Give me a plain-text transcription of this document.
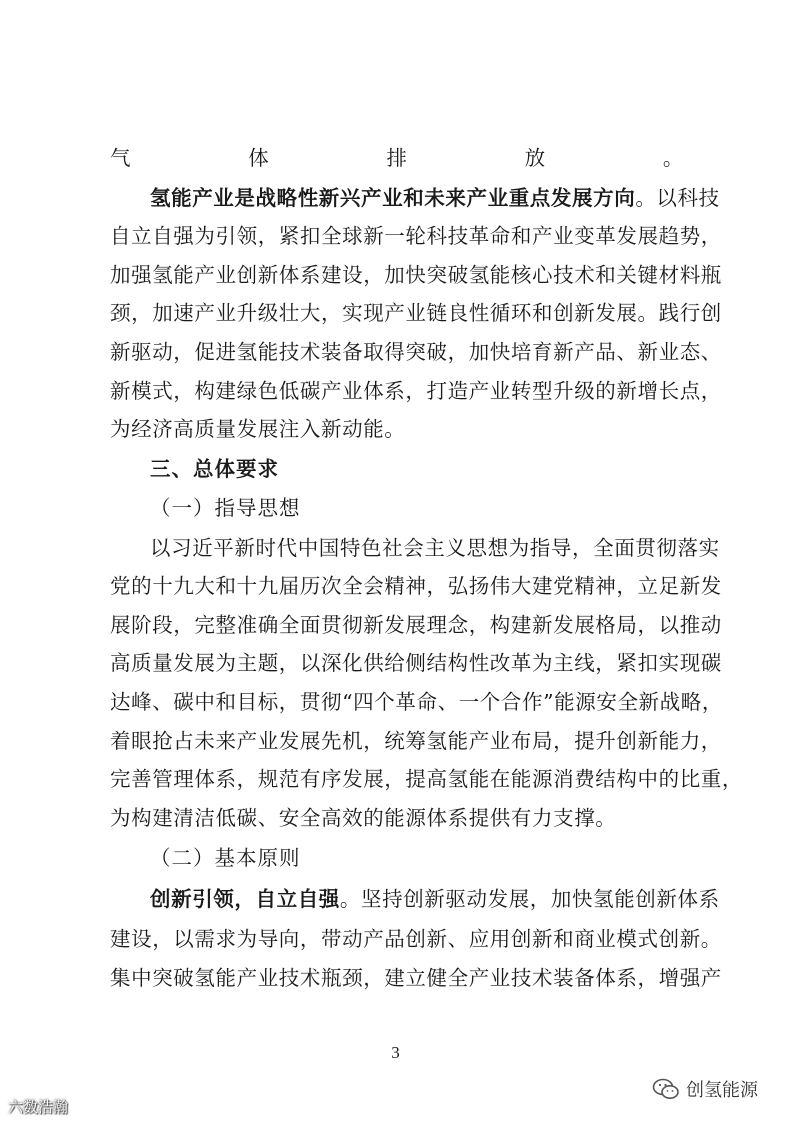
气体排放。
氢能产业是战略性新兴产业和未来产业重点发展方向。以科技
自立自强为引领，紧扣全球新一轮科技革命和产业变革发展趋势，
加强氢能产业创新体系建设，加快突破氢能核心技术和关键材料瓶
颈，加速产业升级壮大，实现产业链良性循环和创新发展。践行创
新驱动，促进氢能技术装备取得突破，加快培育新产品、新业态、
新模式，构建绿色低碳产业体系，打造产业转型升级的新增长点，
为经济高质量发展注入新动能。
三、总体要求
（一）指导思想
以习近平新时代中国特色社会主义思想为指导，全面贯彻落实
党的十九大和十九届历次全会精神，弘扬伟大建党精神，立足新发
展阶段，完整准确全面贯彻新发展理念，构建新发展格局，以推动
高质量发展为主题，以深化供给侧结构性改革为主线，紧扣实现碳
达峰、碳中和目标，贯彻“四个革命、一个合作”能源安全新战略，
着眼抢占未来产业发展先机，统筹氢能产业布局，提升创新能力，
完善管理体系，规范有序发展，提高氢能在能源消费结构中的比重，
为构建清洁低碳、安全高效的能源体系提供有力支撑。
（二）基本原则
创新引领，自立自强。坚持创新驱动发展，加快氢能创新体系
建设，以需求为导向，带动产品创新、应用创新和商业模式创新。
集中突破氢能产业技术瓶颈，建立健全产业技术装备体系，增强产
3
六数浩瀚
创氢能源
